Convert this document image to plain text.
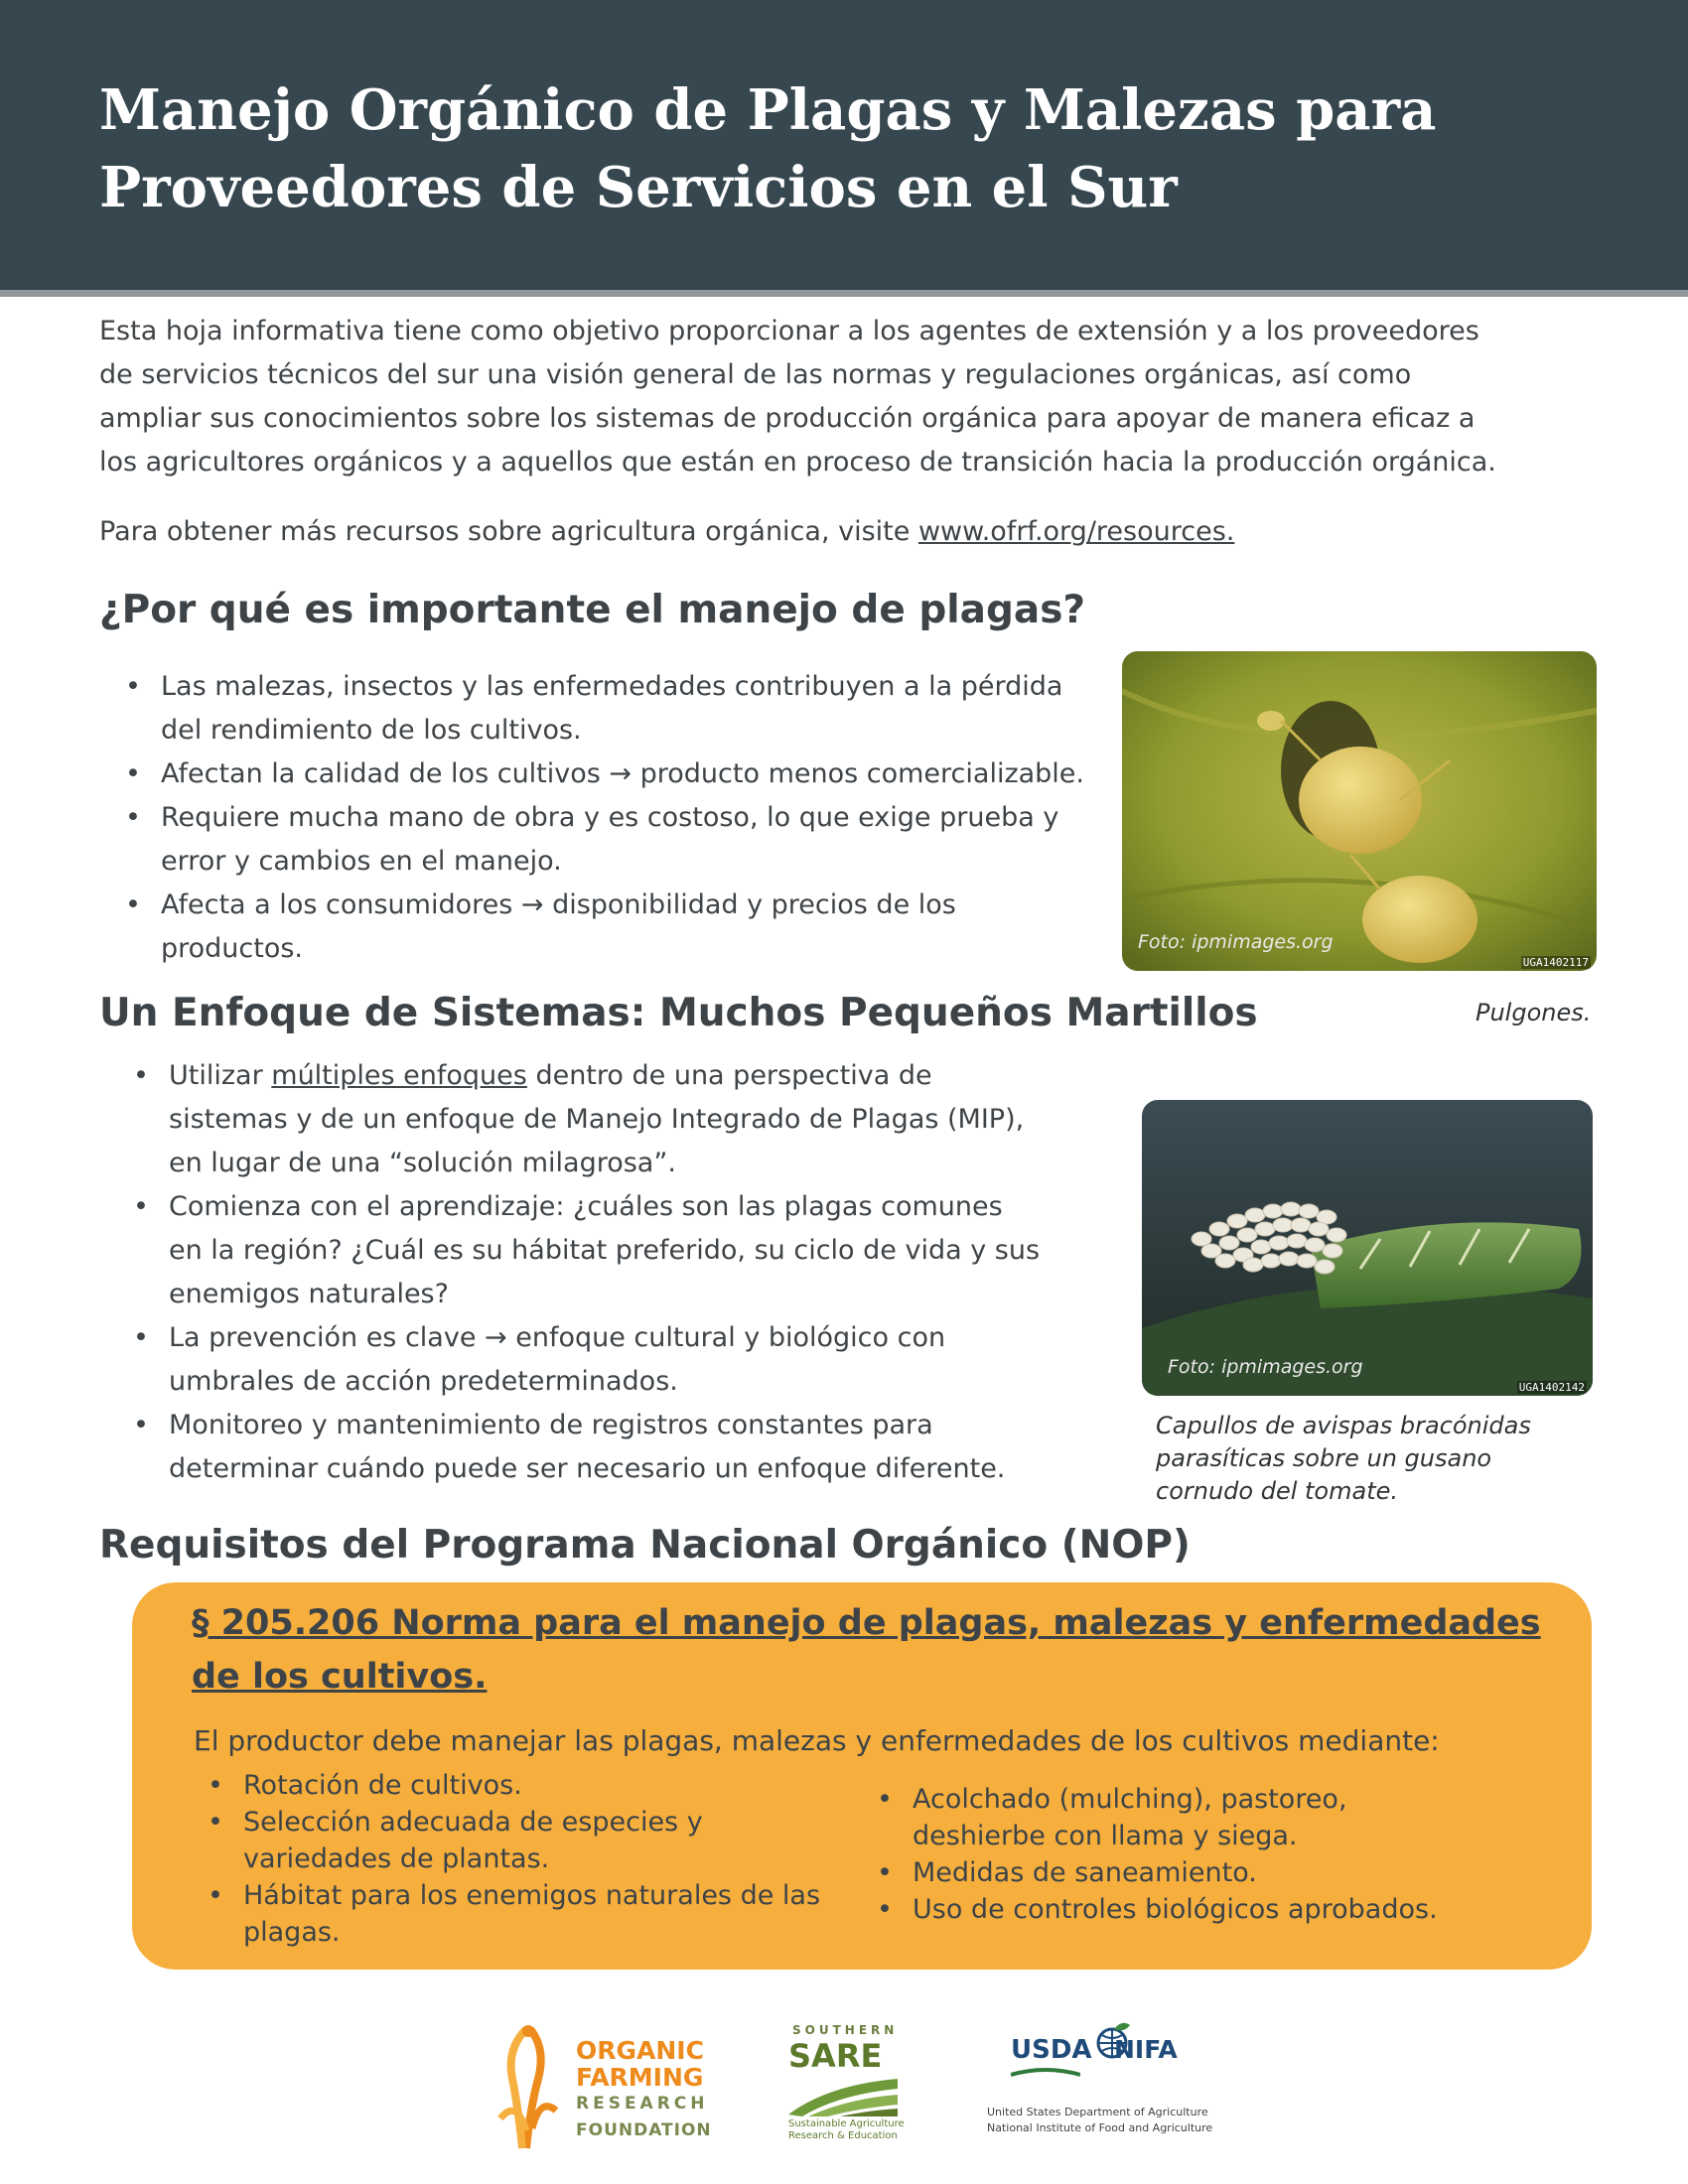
Manejo Orgánico de Plagas y Malezas para
Proveedores de Servicios en el Sur

Esta hoja informativa tiene como objetivo proporcionar a los agentes de extensión y a los proveedores
de servicios técnicos del sur una visión general de las normas y regulaciones orgánicas, así como
ampliar sus conocimientos sobre los sistemas de producción orgánica para apoyar de manera eficaz a
los agricultores orgánicos y a aquellos que están en proceso de transición hacia la producción orgánica.

Para obtener más recursos sobre agricultura orgánica, visite www.ofrf.org/resources.

¿Por qué es importante el manejo de plagas?
• Las malezas, insectos y las enfermedades contribuyen a la pérdida
del rendimiento de los cultivos.
• Afectan la calidad de los cultivos → producto menos comercializable.
• Requiere mucha mano de obra y es costoso, lo que exige prueba y
error y cambios en el manejo.
• Afecta a los consumidores → disponibilidad y precios de los
productos.	Foto: ipmimages.org
UGA1402117
Pulgones.
Un Enfoque de Sistemas: Muchos Pequeños Martillos
• Utilizar múltiples enfoques dentro de una perspectiva de
sistemas y de un enfoque de Manejo Integrado de Plagas (MIP),
en lugar de una “solución milagrosa”.
• Comienza con el aprendizaje: ¿cuáles son las plagas comunes
en la región? ¿Cuál es su hábitat preferido, su ciclo de vida y sus
enemigos naturales?
• La prevención es clave → enfoque cultural y biológico con
umbrales de acción predeterminados.
• Monitoreo y mantenimiento de registros constantes para
determinar cuándo puede ser necesario un enfoque diferente.
Foto: ipmimages.org
UGA1402142
Capullos de avispas bracónidas
parasíticas sobre un gusano
cornudo del tomate.
Requisitos del Programa Nacional Orgánico (NOP)
§ 205.206 Norma para el manejo de plagas, malezas y enfermedades
de los cultivos.
El productor debe manejar las plagas, malezas y enfermedades de los cultivos mediante:
• Rotación de cultivos.
• Selección adecuada de especies y
variedades de plantas.
• Hábitat para los enemigos naturales de las
plagas.
• Acolchado (mulching), pastoreo,
deshierbe con llama y siega.
• Medidas de saneamiento.
• Uso de controles biológicos aprobados.
ORGANIC
FARMING
RESEARCH
FOUNDATION
SOUTHERN
SARE
Sustainable Agriculture
Research & Education
USDA NIFA
United States Department of Agriculture
National Institute of Food and Agriculture
